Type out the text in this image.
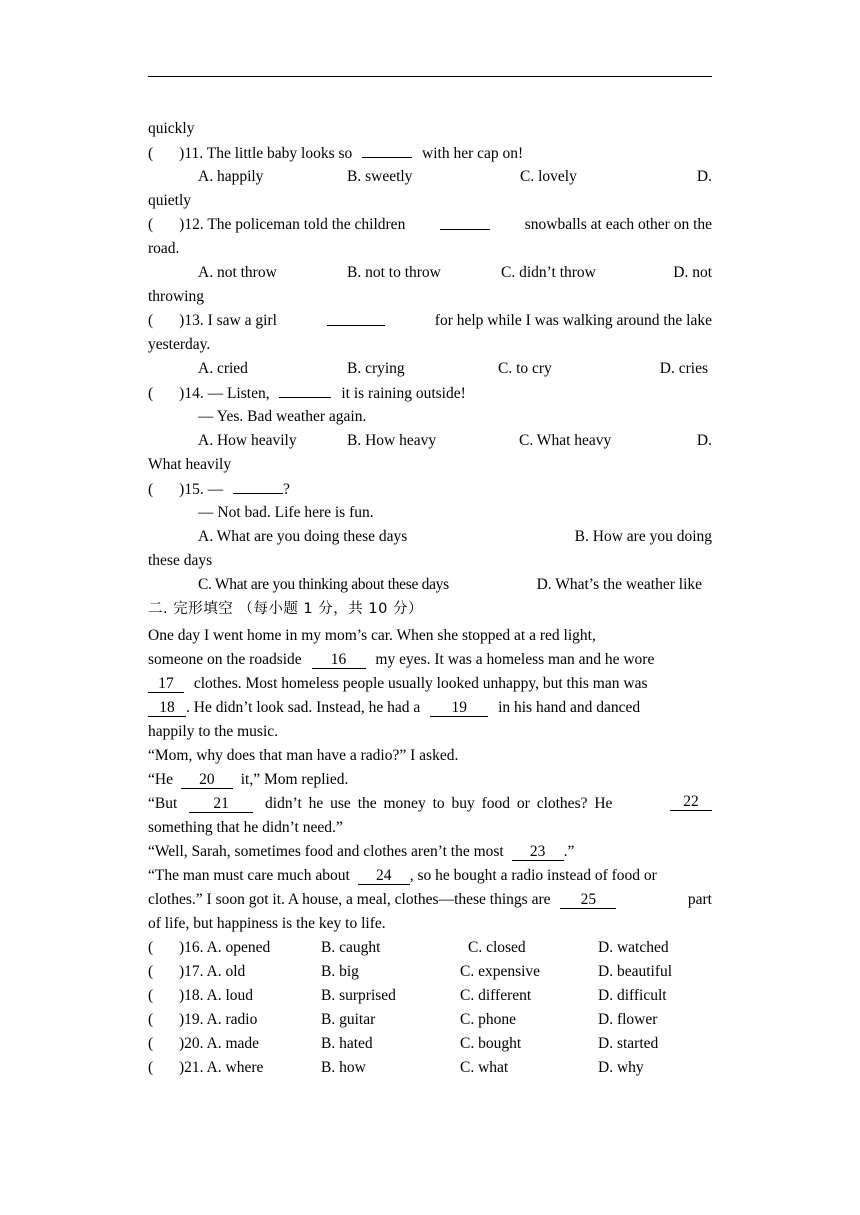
quickly
( )11. The little baby looks so	with her cap on!
A. happily	B. sweetly	C. lovely	D.
quietly
( )12. The policeman told the children	snowballs at each other on the
road.
A. not throw	B. not to throw	C. didn’t throw	D. not
throwing
( )13. I saw a girl	for help while I was walking around the lake
yesterday.
A. cried	B. crying	C. to cry	D. cries
( )14. — Listen,	it is raining outside!
— Yes. Bad weather again.
A. How heavily	B. How heavy	C. What heavy	D.
What heavily
( )15. —	?
— Not bad. Life here is fun.
A. What are you doing these days	B. How are you doing
these days
C. What are you thinking about these days	D. What’s the weather like
二. 完形填空 （每小题 1 分，共 10 分）
One day I went home in my mom’s car. When she stopped at a red light,
someone on the roadside 16 my eyes. It was a homeless man and he wore
17 clothes. Most homeless people usually looked unhappy, but this man was
18 . He didn’t look sad. Instead, he had a 19 in his hand and danced
happily to the music.
“Mom, why does that man have a radio?” I asked.
“He 20 it,” Mom replied.
“But 21 didn’t he use the money to buy food or clothes? He	22
something that he didn’t need.”
“Well, Sarah, sometimes food and clothes aren’t the most 23 .”
“The man must care much about 24 , so he bought a radio instead of food or
clothes.” I soon got it. A house, a meal, clothes—these things are 25	part
of life, but happiness is the key to life.
( )16. A. opened	B. caught	C. closed	D. watched
( )17. A. old	B. big	C. expensive	D. beautiful
( )18. A. loud	B. surprised	C. different	D. difficult
( )19. A. radio	B. guitar	C. phone	D. flower
( )20. A. made	B. hated	C. bought	D. started
( )21. A. where	B. how	C. what	D. why
